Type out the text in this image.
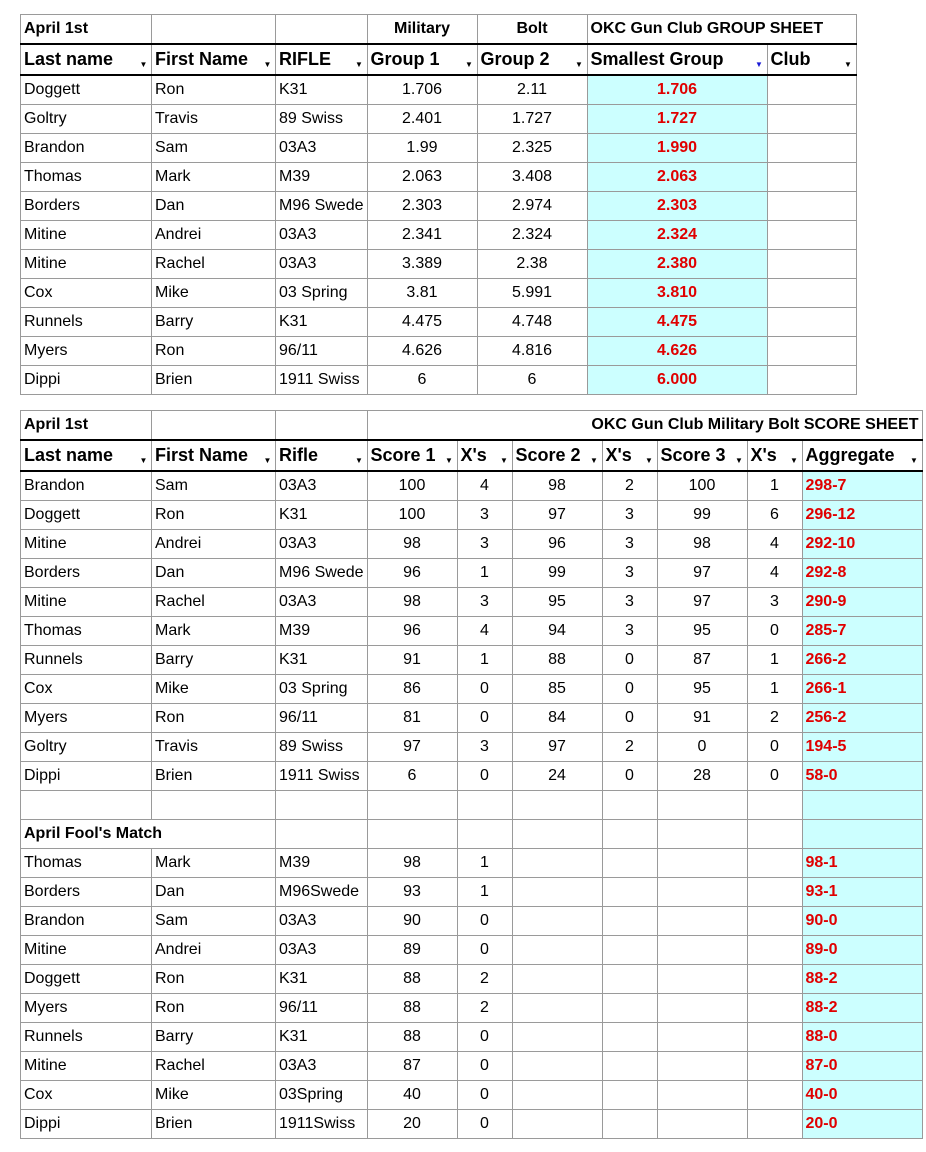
April 1st			Military	Bolt	OKC Gun Club GROUP SHEET	
Last name ▼	First Name ▼	RIFLE ▼	Group 1 ▼	Group 2 ▼	Smallest Group ▼	Club ▼

Doggett	Ron	K31	1.706	2.11	1.706	
Goltry	Travis	89 Swiss	2.401	1.727	1.727	
Brandon	Sam	03A3	1.99	2.325	1.990	
Thomas	Mark	M39	2.063	3.408	2.063	
Borders	Dan	M96 Swede	2.303	2.974	2.303	
Mitine	Andrei	03A3	2.341	2.324	2.324	
Mitine	Rachel	03A3	3.389	2.38	2.380	
Cox	Mike	03 Spring	3.81	5.991	3.810	
Runnels	Barry	K31	4.475	4.748	4.475	
Myers	Ron	96/11	4.626	4.816	4.626	
Dippi	Brien	1911 Swiss	6	6	6.000	
April 1st			OKC Gun Club Military Bolt SCORE SHEET						
Last name ▼	First Name ▼	Rifle ▼	Score 1 ▼	X's ▼	Score 2 ▼	X's ▼	Score 3 ▼	X's ▼	Aggregate ▼

Brandon	Sam	03A3	100	4	98	2	100	1	298-7
Doggett	Ron	K31	100	3	97	3	99	6	296-12
Mitine	Andrei	03A3	98	3	96	3	98	4	292-10
Borders	Dan	M96 Swede	96	1	99	3	97	4	292-8
Mitine	Rachel	03A3	98	3	95	3	97	3	290-9
Thomas	Mark	M39	96	4	94	3	95	0	285-7
Runnels	Barry	K31	91	1	88	0	87	1	266-2
Cox	Mike	03 Spring	86	0	85	0	95	1	266-1
Myers	Ron	96/11	81	0	84	0	91	2	256-2
Goltry	Travis	89 Swiss	97	3	97	2	0	0	194-5
Dippi	Brien	1911 Swiss	6	0	24	0	28	0	58-0

April Fool's Match									
Thomas	Mark	M39	98	1					98-1
Borders	Dan	M96Swede	93	1					93-1
Brandon	Sam	03A3	90	0					90-0
Mitine	Andrei	03A3	89	0					89-0
Doggett	Ron	K31	88	2					88-2
Myers	Ron	96/11	88	2					88-2
Runnels	Barry	K31	88	0					88-0
Mitine	Rachel	03A3	87	0					87-0
Cox	Mike	03Spring	40	0					40-0
Dippi	Brien	1911Swiss	20	0					20-0
